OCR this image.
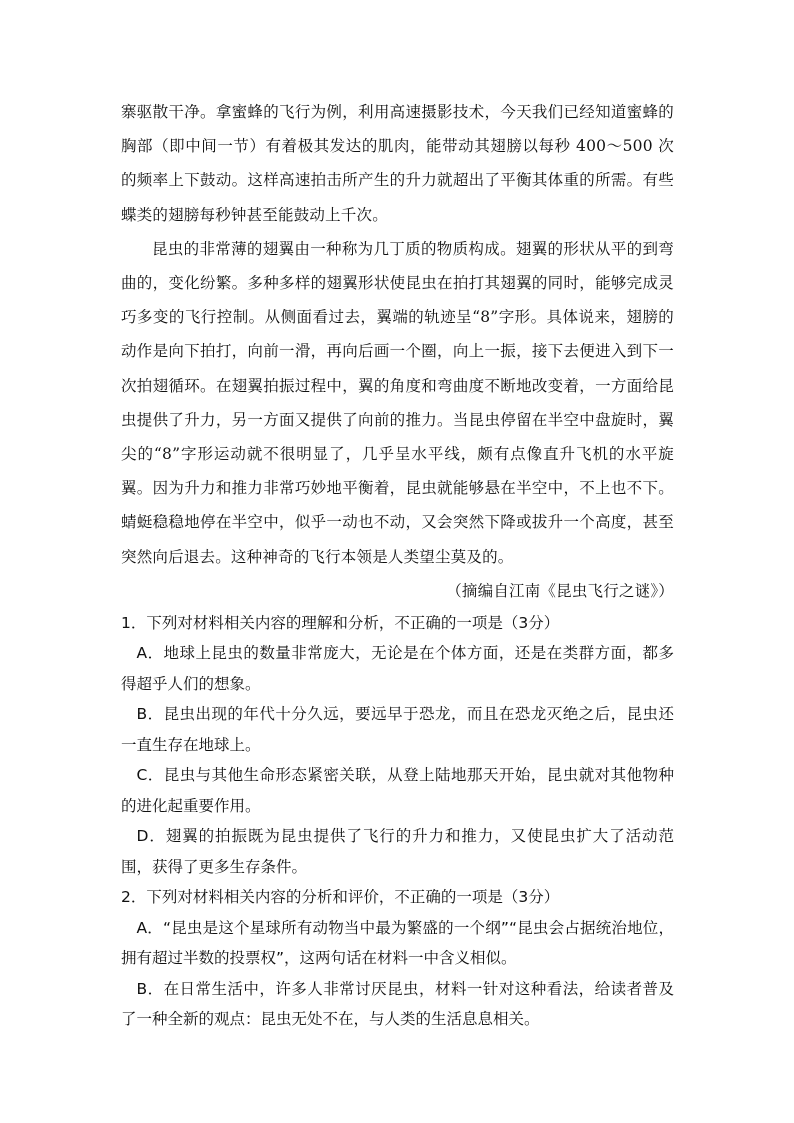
寨驱散干净。拿蜜蜂的飞行为例，利用高速摄影技术，今天我们已经知道蜜蜂的胸部（即中间一节）有着极其发达的肌肉，能带动其翅膀以每秒 400～500 次的频率上下鼓动。这样高速拍击所产生的升力就超出了平衡其体重的所需。有些蝶类的翅膀每秒钟甚至能鼓动上千次。

昆虫的非常薄的翅翼由一种称为几丁质的物质构成。翅翼的形状从平的到弯曲的，变化纷繁。多种多样的翅翼形状使昆虫在拍打其翅翼的同时，能够完成灵巧多变的飞行控制。从侧面看过去，翼端的轨迹呈“8”字形。具体说来，翅膀的动作是向下拍打，向前一滑，再向后画一个圈，向上一振，接下去便进入到下一次拍翅循环。在翅翼拍振过程中，翼的角度和弯曲度不断地改变着，一方面给昆虫提供了升力，另一方面又提供了向前的推力。当昆虫停留在半空中盘旋时，翼尖的“8”字形运动就不很明显了，几乎呈水平线，颇有点像直升飞机的水平旋翼。因为升力和推力非常巧妙地平衡着，昆虫就能够悬在半空中，不上也不下。蜻蜓稳稳地停在半空中，似乎一动也不动，又会突然下降或拔升一个高度，甚至突然向后退去。这种神奇的飞行本领是人类望尘莫及的。

（摘编自江南《昆虫飞行之谜》）

1．下列对材料相关内容的理解和分析，不正确的一项是（3分）

A．地球上昆虫的数量非常庞大，无论是在个体方面，还是在类群方面，都多得超乎人们的想象。

B．昆虫出现的年代十分久远，要远早于恐龙，而且在恐龙灭绝之后，昆虫还一直生存在地球上。

C．昆虫与其他生命形态紧密关联，从登上陆地那天开始，昆虫就对其他物种的进化起重要作用。

D．翅翼的拍振既为昆虫提供了飞行的升力和推力，又使昆虫扩大了活动范围，获得了更多生存条件。

2．下列对材料相关内容的分析和评价，不正确的一项是（3分）

A．“昆虫是这个星球所有动物当中最为繁盛的一个纲”“昆虫会占据统治地位，拥有超过半数的投票权”，这两句话在材料一中含义相似。

B．在日常生活中，许多人非常讨厌昆虫，材料一针对这种看法，给读者普及了一种全新的观点：昆虫无处不在，与人类的生活息息相关。
